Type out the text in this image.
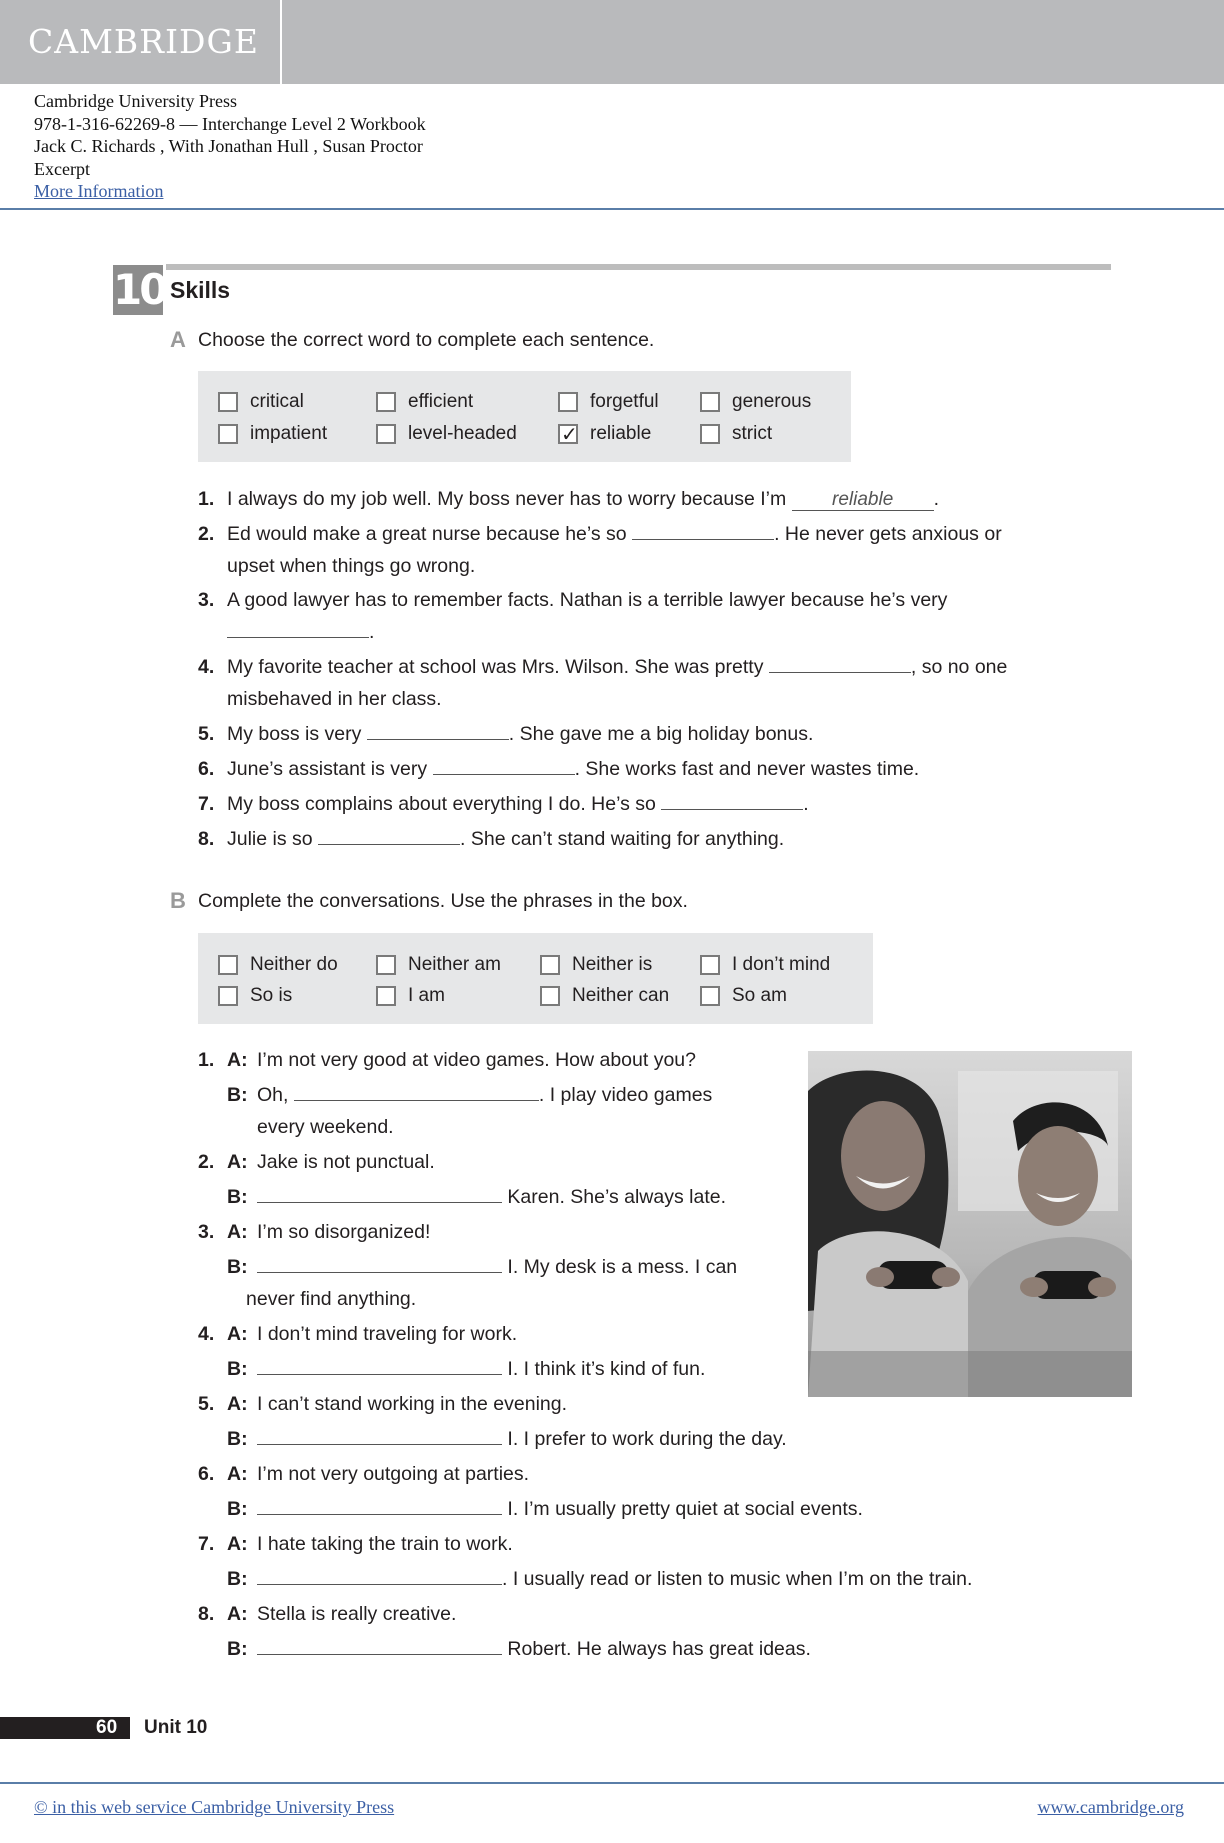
CAMBRIDGE
Cambridge University Press
978-1-316-62269-8 — Interchange Level 2 Workbook
Jack C. Richards , With Jonathan Hull , Susan Proctor
Excerpt
More Information
10 Skills
A Choose the correct word to complete each sentence.
critical	efficient	forgetful	generous
impatient	level-headed
✓	reliable	strict
1. I always do my job well. My boss never has to worry because I’m reliable .
2. Ed would make a great nurse because he’s so	. He never gets anxious or
upset when things go wrong.
3. A good lawyer has to remember facts. Nathan is a terrible lawyer because he’s very
.
4. My favorite teacher at school was Mrs. Wilson. She was pretty	, so no one
misbehaved in her class.
5. My boss is very	. She gave me a big holiday bonus.
6. June’s assistant is very	. She works fast and never wastes time.
7. My boss complains about everything I do. He’s so	.
8. Julie is so	. She can’t stand waiting for anything.
B Complete the conversations. Use the phrases in the box.
Neither do	Neither am	Neither is	I don’t mind
So is	I am	Neither can	So am
1. A: I’m not very good at video games. How about you?
B: Oh,	. I play video games
every weekend.
2. A: Jake is not punctual.
B:	Karen. She’s always late.
3. A: I’m so disorganized!
B:	I. My desk is a mess. I can
never find anything.
4. A: I don’t mind traveling for work.
B:	I. I think it’s kind of fun.
5. A: I can’t stand working in the evening.
B:	I. I prefer to work during the day.
6. A: I’m not very outgoing at parties.
B:	I. I’m usually pretty quiet at social events.
7. A: I hate taking the train to work.
B:	. I usually read or listen to music when I’m on the train.
8. A: Stella is really creative.
B:	Robert. He always has great ideas.
60 Unit 10
© in this web service Cambridge University Press	www.cambridge.org
